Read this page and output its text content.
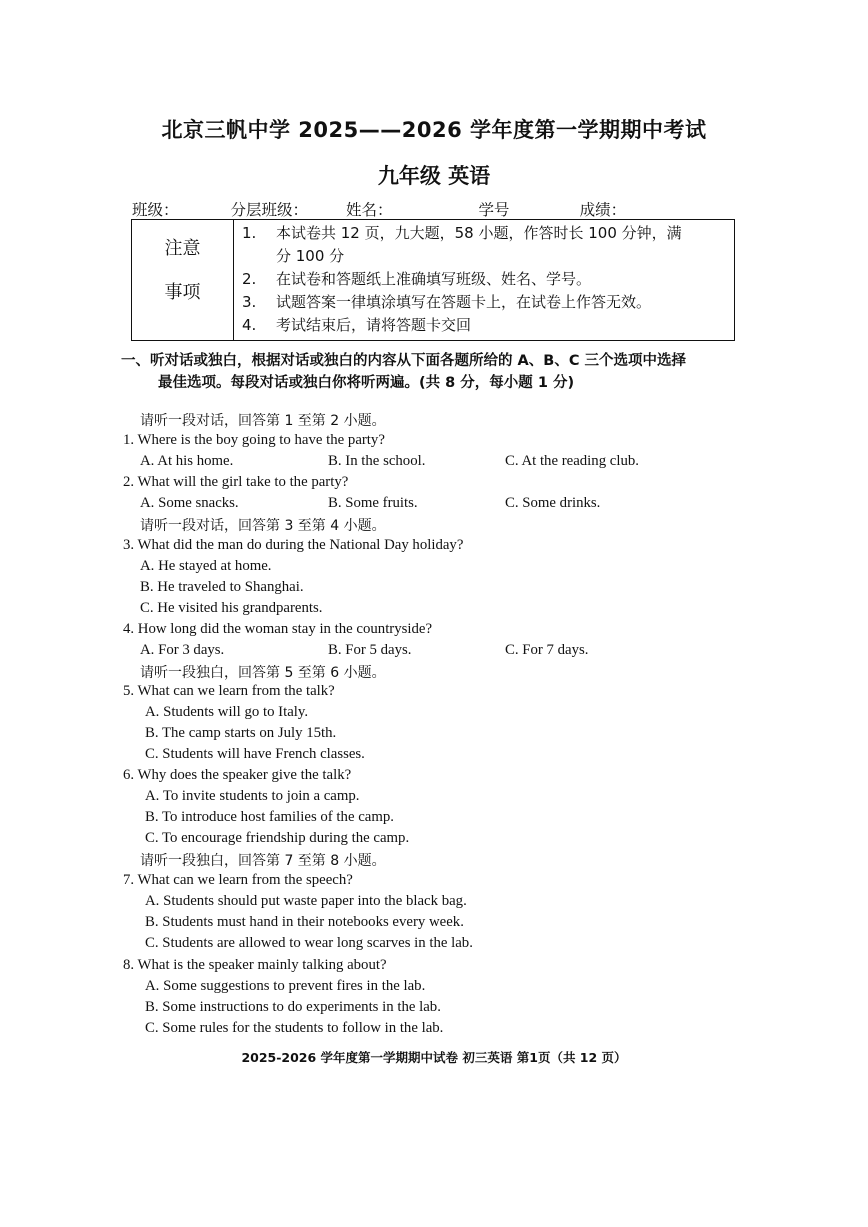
北京三帆中学 2025——2026 学年度第一学期期中考试
九年级 英语
班级：	分层班级： 姓名：	学号	成绩：
注意
事项
1. 本试卷共 12 页，九大题，58 小题，作答时长 100 分钟，满
分 100 分
2. 在试卷和答题纸上准确填写班级、姓名、学号。
3. 试题答案一律填涂填写在答题卡上，在试卷上作答无效。
4. 考试结束后，请将答题卡交回
一、听对话或独白，根据对话或独白的内容从下面各题所给的 A、B、C 三个选项中选择
最佳选项。每段对话或独白你将听两遍。(共 8 分，每小题 1 分)
请听一段对话，回答第 1 至第 2 小题。
1. Where is the boy going to have the party?
A. At his home.	B. In the school.	C. At the reading club.
2. What will the girl take to the party?
A. Some snacks.	B. Some fruits.	C. Some drinks.
请听一段对话，回答第 3 至第 4 小题。
3. What did the man do during the National Day holiday?
A. He stayed at home.
B. He traveled to Shanghai.
C. He visited his grandparents.
4. How long did the woman stay in the countryside?
A. For 3 days.	B. For 5 days.	C. For 7 days.
请听一段独白，回答第 5 至第 6 小题。
5. What can we learn from the talk?
A. Students will go to Italy.
B. The camp starts on July 15th.
C. Students will have French classes.
6. Why does the speaker give the talk?
A. To invite students to join a camp.
B. To introduce host families of the camp.
C. To encourage friendship during the camp.
请听一段独白，回答第 7 至第 8 小题。
7. What can we learn from the speech?
A. Students should put waste paper into the black bag.
B. Students must hand in their notebooks every week.
C. Students are allowed to wear long scarves in the lab.
8. What is the speaker mainly talking about?
A. Some suggestions to prevent fires in the lab.
B. Some instructions to do experiments in the lab.
C. Some rules for the students to follow in the lab.
2025-2026 学年度第一学期期中试卷 初三英语 第1页（共 12 页）
